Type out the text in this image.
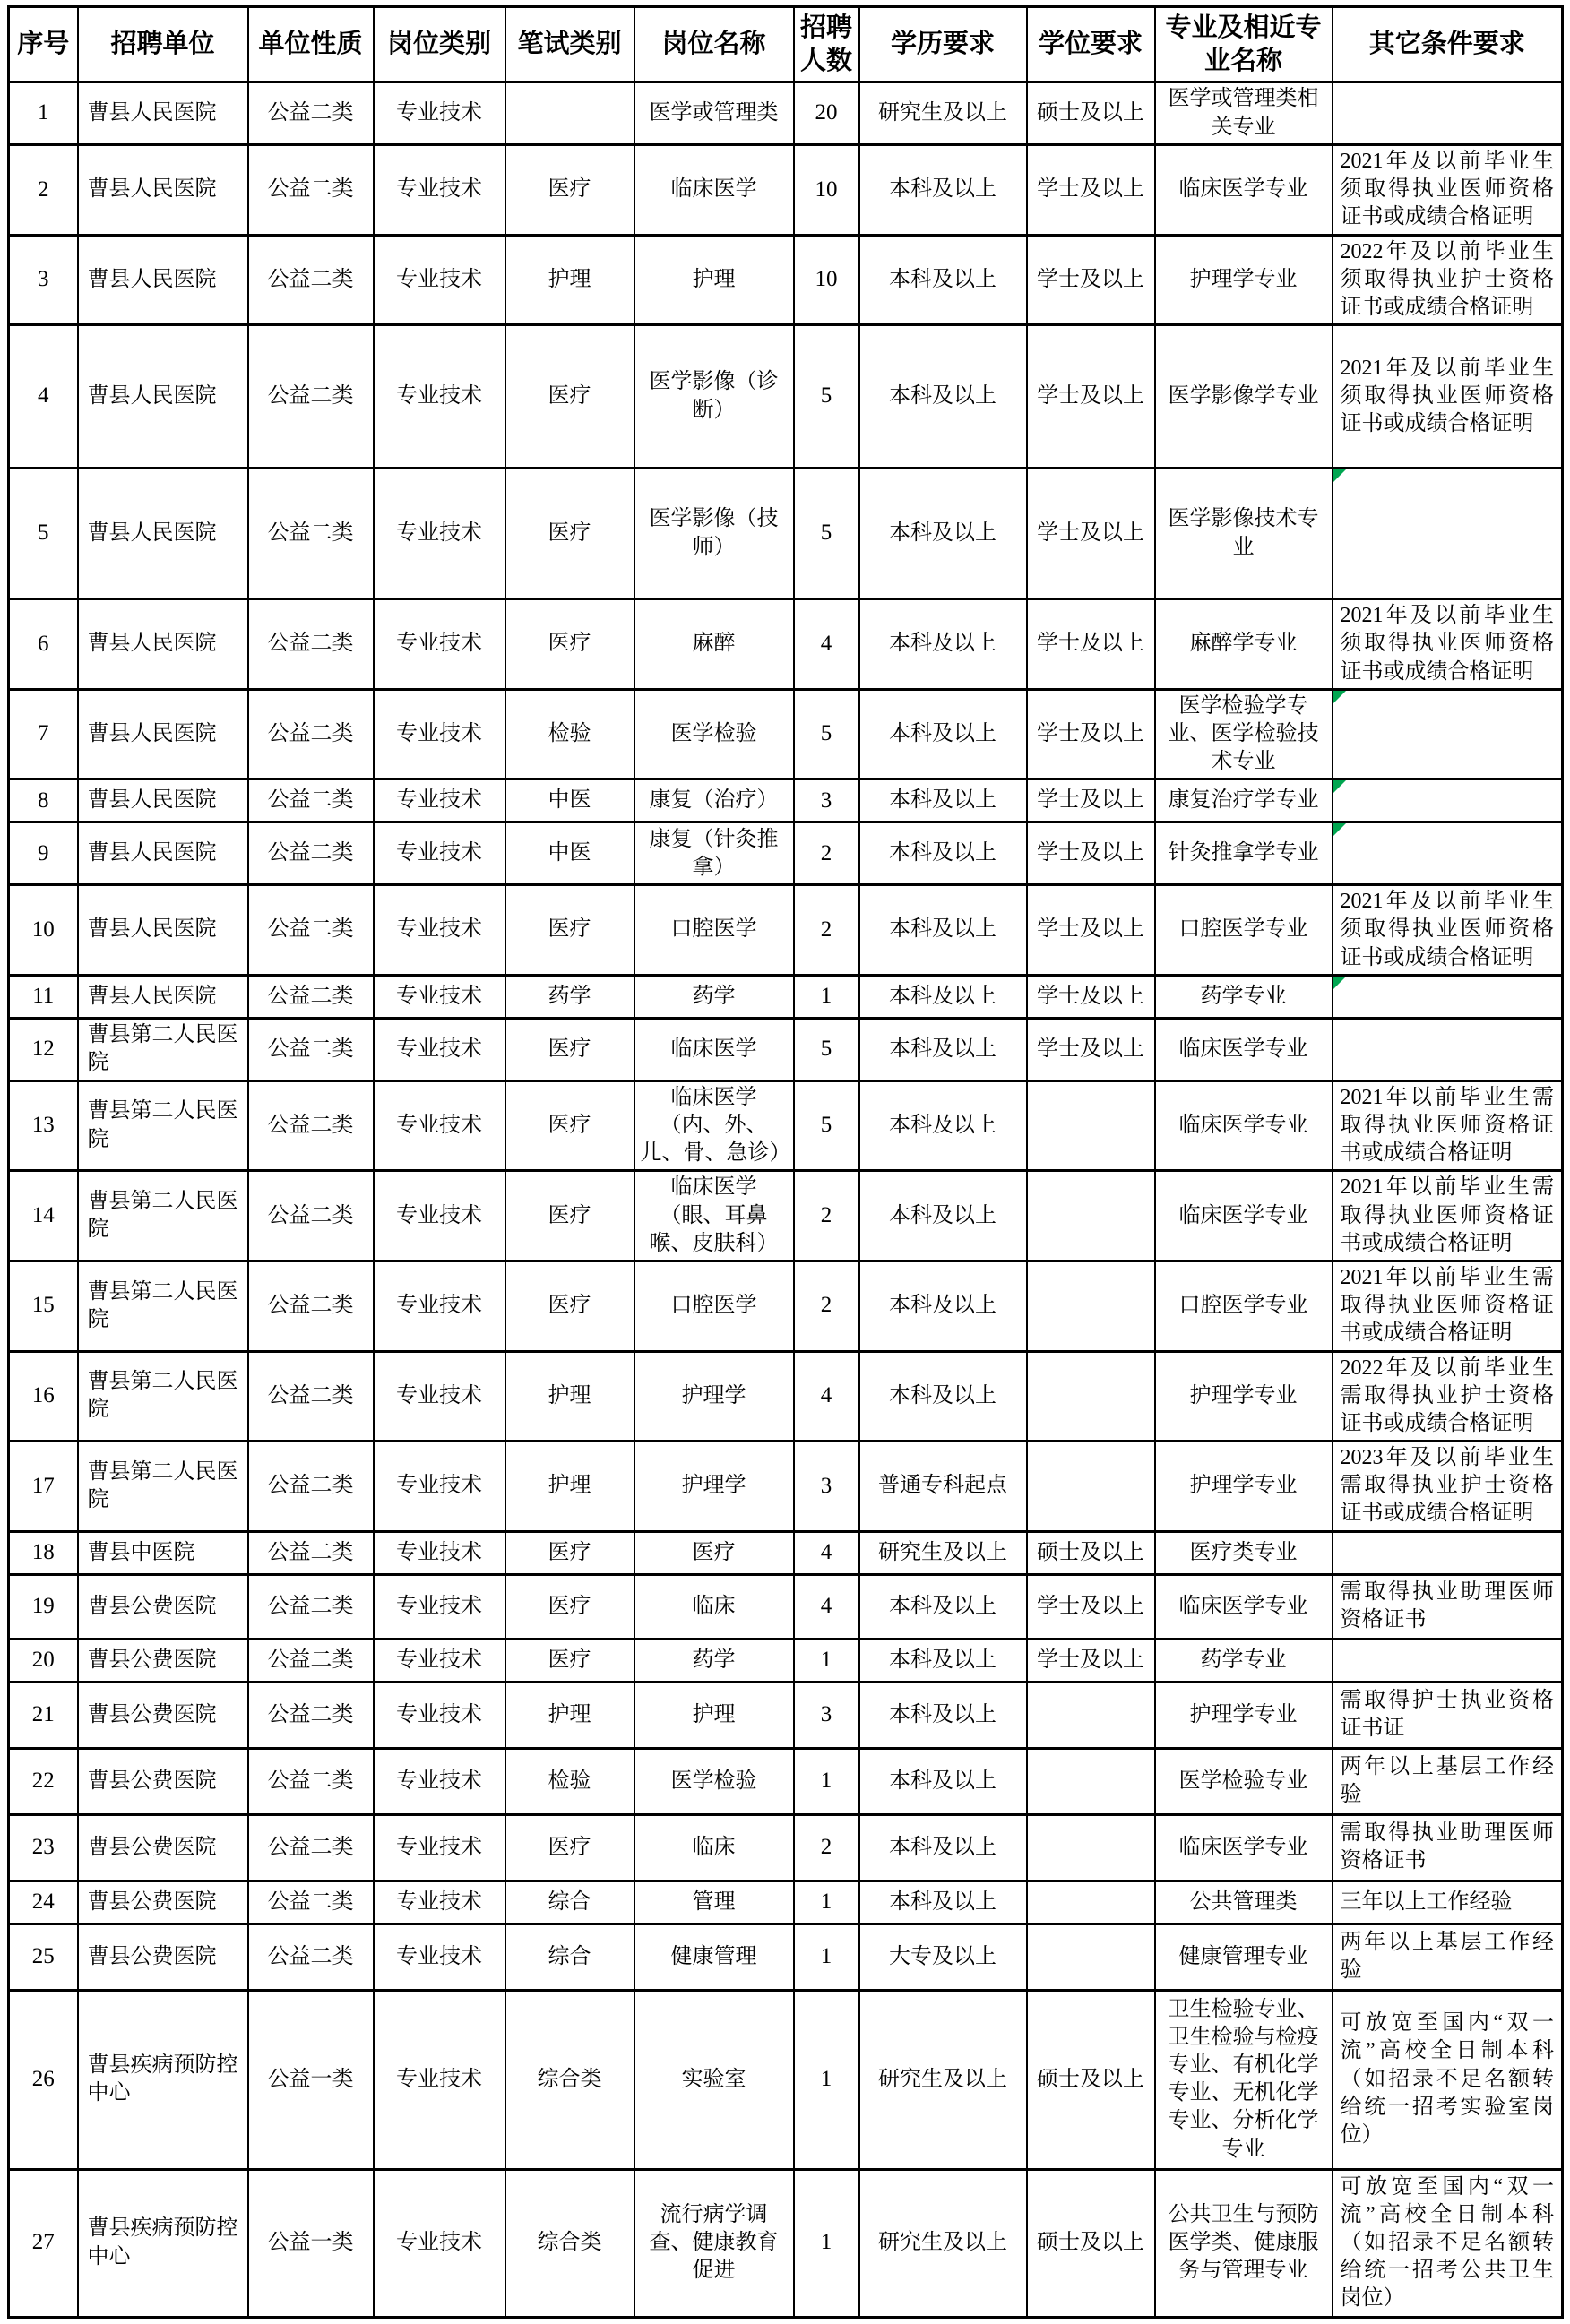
序号	招聘单位	单位性质	岗位类别	笔试类别	岗位名称	招聘人数	学历要求	学位要求	专业及相近专业名称	其它条件要求
1	曹县人民医院	公益二类	专业技术		医学或管理类	20	研究生及以上	硕士及以上	医学或管理类相关专业	
2	曹县人民医院	公益二类	专业技术	医疗	临床医学	10	本科及以上	学士及以上	临床医学专业	2021年及以前毕业生须取得执业医师资格证书或成绩合格证明
3	曹县人民医院	公益二类	专业技术	护理	护理	10	本科及以上	学士及以上	护理学专业	2022年及以前毕业生须取得执业护士资格证书或成绩合格证明
4	曹县人民医院	公益二类	专业技术	医疗	医学影像（诊断）	5	本科及以上	学士及以上	医学影像学专业	2021年及以前毕业生须取得执业医师资格证书或成绩合格证明
5	曹县人民医院	公益二类	专业技术	医疗	医学影像（技师）	5	本科及以上	学士及以上	医学影像技术专业	

6	曹县人民医院	公益二类	专业技术	医疗	麻醉	4	本科及以上	学士及以上	麻醉学专业	2021年及以前毕业生须取得执业医师资格证书或成绩合格证明
7	曹县人民医院	公益二类	专业技术	检验	医学检验	5	本科及以上	学士及以上	医学检验学专业、医学检验技术专业	

8	曹县人民医院	公益二类	专业技术	中医	康复（治疗）	3	本科及以上	学士及以上	康复治疗学专业	

9	曹县人民医院	公益二类	专业技术	中医	康复（针灸推拿）	2	本科及以上	学士及以上	针灸推拿学专业	

10	曹县人民医院	公益二类	专业技术	医疗	口腔医学	2	本科及以上	学士及以上	口腔医学专业	2021年及以前毕业生须取得执业医师资格证书或成绩合格证明
11	曹县人民医院	公益二类	专业技术	药学	药学	1	本科及以上	学士及以上	药学专业	

12	曹县第二人民医院	公益二类	专业技术	医疗	临床医学	5	本科及以上	学士及以上	临床医学专业	
13	曹县第二人民医院	公益二类	专业技术	医疗	临床医学（内、外、儿、骨、急诊）	5	本科及以上		临床医学专业	2021年以前毕业生需取得执业医师资格证书或成绩合格证明
14	曹县第二人民医院	公益二类	专业技术	医疗	临床医学（眼、耳鼻喉、皮肤科）	2	本科及以上		临床医学专业	2021年以前毕业生需取得执业医师资格证书或成绩合格证明
15	曹县第二人民医院	公益二类	专业技术	医疗	口腔医学	2	本科及以上		口腔医学专业	2021年以前毕业生需取得执业医师资格证书或成绩合格证明
16	曹县第二人民医院	公益二类	专业技术	护理	护理学	4	本科及以上		护理学专业	2022年及以前毕业生需取得执业护士资格证书或成绩合格证明
17	曹县第二人民医院	公益二类	专业技术	护理	护理学	3	普通专科起点		护理学专业	2023年及以前毕业生需取得执业护士资格证书或成绩合格证明
18	曹县中医院	公益二类	专业技术	医疗	医疗	4	研究生及以上	硕士及以上	医疗类专业	
19	曹县公费医院	公益二类	专业技术	医疗	临床	4	本科及以上	学士及以上	临床医学专业	需取得执业助理医师资格证书
20	曹县公费医院	公益二类	专业技术	医疗	药学	1	本科及以上	学士及以上	药学专业	
21	曹县公费医院	公益二类	专业技术	护理	护理	3	本科及以上		护理学专业	需取得护士执业资格证书证
22	曹县公费医院	公益二类	专业技术	检验	医学检验	1	本科及以上		医学检验专业	两年以上基层工作经验
23	曹县公费医院	公益二类	专业技术	医疗	临床	2	本科及以上		临床医学专业	需取得执业助理医师资格证书
24	曹县公费医院	公益二类	专业技术	综合	管理	1	本科及以上		公共管理类	三年以上工作经验
25	曹县公费医院	公益二类	专业技术	综合	健康管理	1	大专及以上		健康管理专业	两年以上基层工作经验
26	曹县疾病预防控中心	公益一类	专业技术	综合类	实验室	1	研究生及以上	硕士及以上	卫生检验专业、卫生检验与检疫专业、有机化学专业、无机化学专业、分析化学专业	可放宽至国内“双一流”高校全日制本科（如招录不足名额转给统一招考实验室岗位）
27	曹县疾病预防控中心	公益一类	专业技术	综合类	流行病学调查、健康教育促进	1	研究生及以上	硕士及以上	公共卫生与预防医学类、健康服务与管理专业	可放宽至国内“双一流”高校全日制本科（如招录不足名额转给统一招考公共卫生岗位）
